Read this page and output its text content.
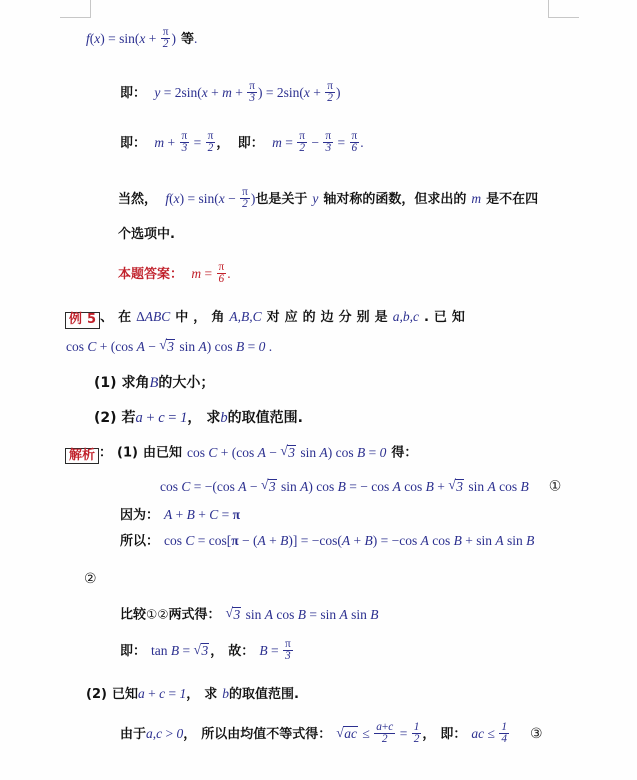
$f(x) = \sin(x + \frac{\pi}{2}$ ) 等.
即： $y = 2\sin(x + m + \frac{\pi}{3}$ ) = $2\sin(x + \frac{\pi}{2}$ )
即： $m + \frac{\pi}{3} = \frac{\pi}{2}$ ， 即： $m = \frac{\pi}{2} - \frac{\pi}{3} = \frac{\pi}{6}$ .
当然， $f(x) = \sin(x - \frac{\pi}{2}$ )也是关于 y 轴对称的函数，但求出的 m 是不在四
个选项中.
本题答案： $m = \frac{\pi}{6}$ .
例 5 、 在 ΔABC 中 ， 角 A,B,C 对 应 的 边 分 别 是 a,b,c . 已 知
cos C + (cos A − √ 3 sin A) cos B = 0 .
(1) 求角B的大小；
(2) 若a + c = 1， 求b的取值范围.
解析 ： (1) 由已知 cos C + (cos A − √ 3 sin A) cos B = 0 得：
cos C = −(cos A − √ 3 sin A) cos B = − cos A cos B + √ 3 sin A cos B ①
因为： A + B + C = π
所以： cos C = cos[π − (A + B)] = −cos(A + B) = −cos A cos B + sin A sin B
②
比较①②两式得： √ 3 sin A cos B = sin A sin B
即： tan B = √ 3 ， 故： $B = \frac{\pi}{3}$
(2) 已知a + c = 1， 求 b的取值范围.
由于a,c > 0， 所以由均值不等式得： √ ac ≤ $\frac{a+c}{2} = \frac{1}{2}$ ， 即： ac ≤ $\frac{1}{4}$ ③
